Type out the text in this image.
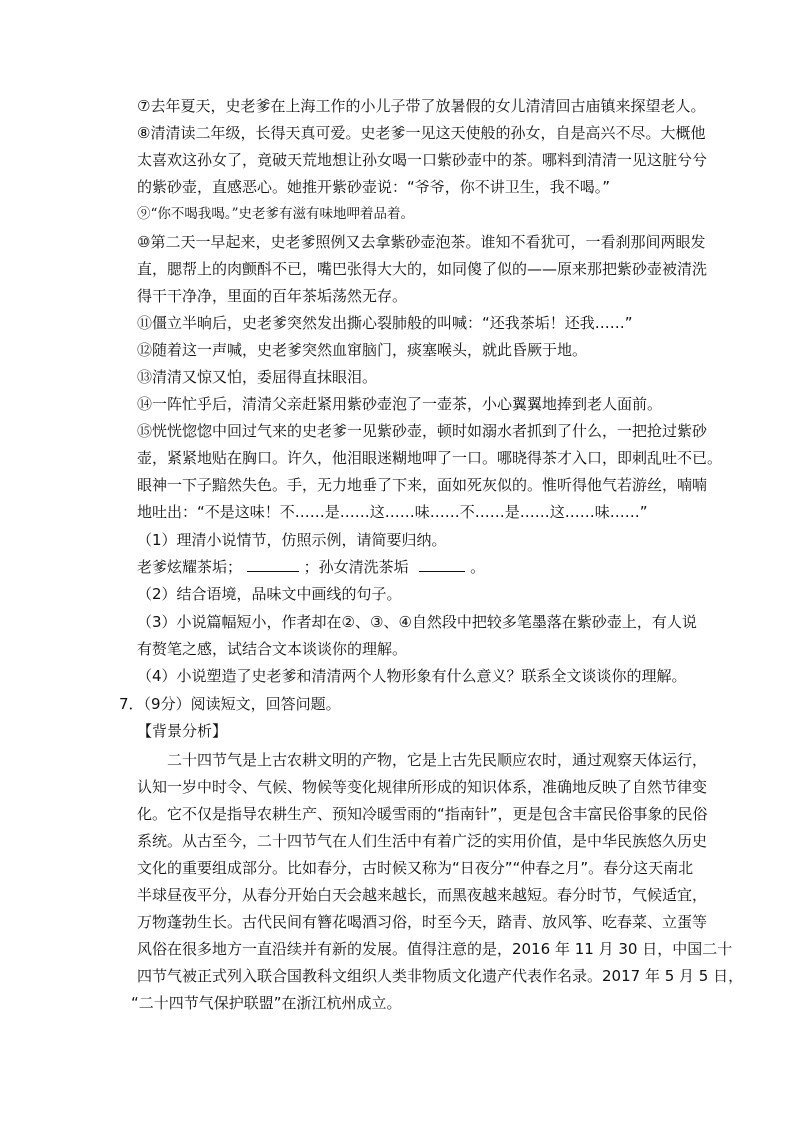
⑦去年夏天，史老爹在上海工作的小儿子带了放暑假的女儿清清回古庙镇来探望老人。
⑧清清读二年级，长得天真可爱。史老爹一见这天使般的孙女，自是高兴不尽。大概他
太喜欢这孙女了，竟破天荒地想让孙女喝一口紫砂壶中的茶。哪料到清清一见这脏兮兮
的紫砂壶，直感恶心。她推开紫砂壶说：“爷爷，你不讲卫生，我不喝。”
⑨“你不喝我喝。”史老爹有滋有味地呷着品着。
⑩第二天一早起来，史老爹照例又去拿紫砂壶泡茶。谁知不看犹可，一看刹那间两眼发
直，腮帮上的肉颤酙不已，嘴巴张得大大的，如同傻了似的——原来那把紫砂壶被清洗
得干干净净，里面的百年茶垢荡然无存。
⑪僵立半晌后，史老爹突然发出撕心裂肺般的叫喊：“还我茶垢！还我……”
⑫随着这一声喊，史老爹突然血窜脑门，痰塞喉头，就此昏厥于地。
⑬清清又惊又怕，委屈得直抹眼泪。
⑭一阵忙乎后，清清父亲赶紧用紫砂壶泡了一壶茶，小心翼翼地捧到老人面前。
⑮恍恍惚惚中回过气来的史老爹一见紫砂壶，顿时如溺水者抓到了什么，一把抢过紫砂
壶，紧紧地贴在胸口。许久，他泪眼迷糊地呷了一口。哪晓得茶才入口，即刺乱吐不已。
眼神一下子黯然失色。手，无力地垂了下来，面如死灰似的。惟听得他气若游丝，喃喃
地吐出：“不是这味！不……是……这……味……不……是……这……味……”
（1）理清小说情节，仿照示例，请简要归纳。
老爹炫耀茶垢；	；孙女清洗茶垢	。
（2）结合语境，品味文中画线的句子。
（3）小说篇幅短小，作者却在②、③、④自然段中把较多笔墨落在紫砂壶上，有人说
有赘笔之感，试结合文本谈谈你的理解。
（4）小说塑造了史老爹和清清两个人物形象有什么意义？联系全文谈谈你的理解。
7．（9分）阅读短文，回答问题。
【背景分析】
二十四节气是上古农耕文明的产物，它是上古先民顺应农时，通过观察天体运行，
认知一岁中时令、气候、物候等变化规律所形成的知识体系，准确地反映了自然节律变
化。它不仅是指导农耕生产、预知冷暖雪雨的“指南针”，更是包含丰富民俗事象的民俗
系统。从古至今，二十四节气在人们生活中有着广泛的实用价值，是中华民族悠久历史
文化的重要组成部分。比如春分，古时候又称为“日夜分”“仲春之月”。春分这天南北
半球昼夜平分，从春分开始白天会越来越长，而黑夜越来越短。春分时节，气候适宜，
万物蓬勃生长。古代民间有簪花喝酒习俗，时至今天，踏青、放风筝、吃春菜、立蛋等
风俗在很多地方一直沿续并有新的发展。值得注意的是，2016 年 11 月 30 日，中国二十
四节气被正式列入联合国教科文组织人类非物质文化遗产代表作名录。2017 年 5 月 5 日，
“二十四节气保护联盟”在浙江杭州成立。
